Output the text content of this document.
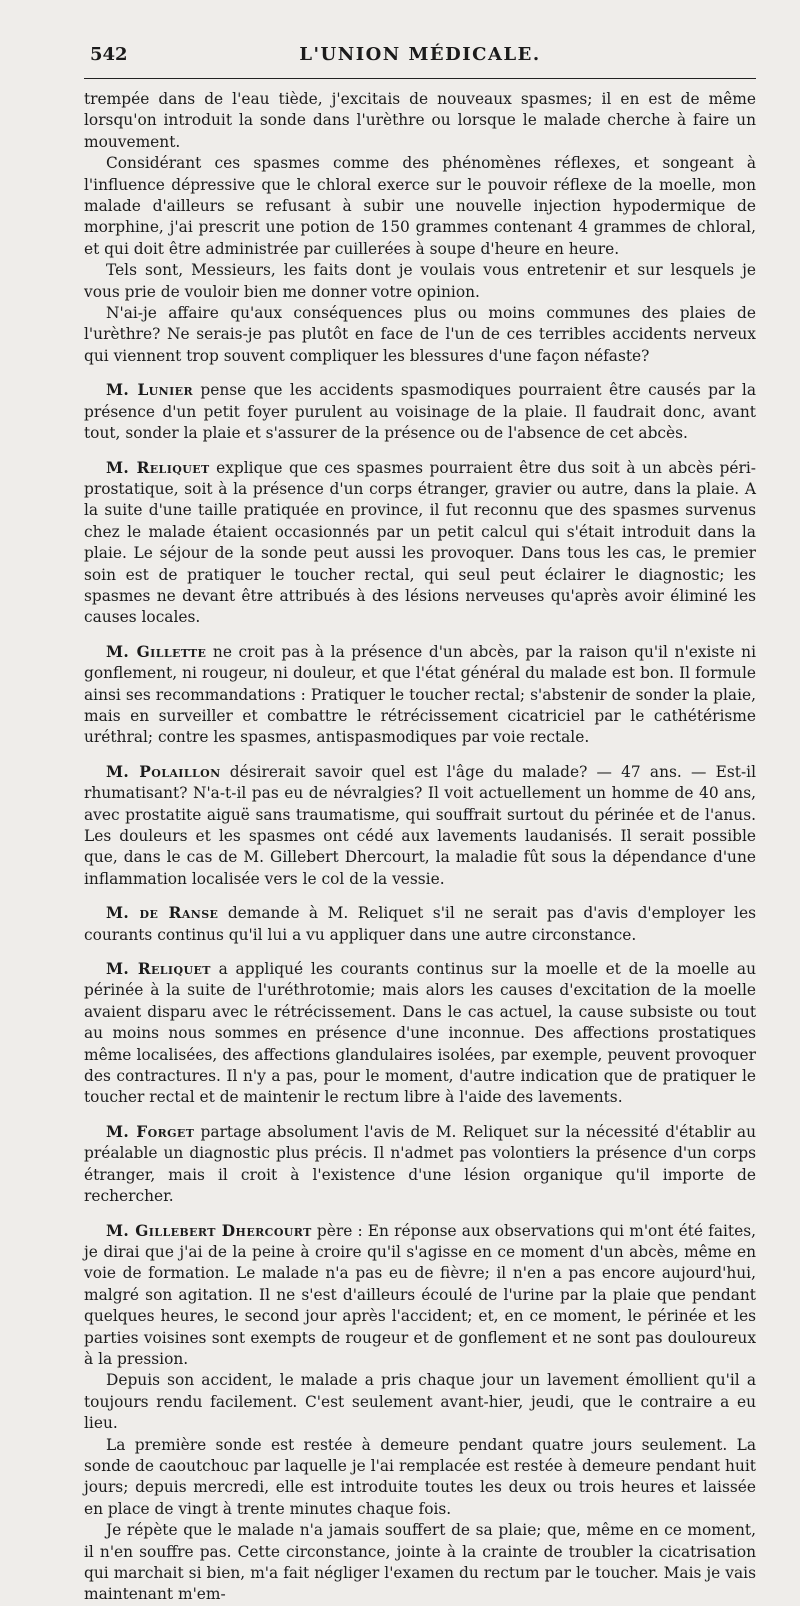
542	L'UNION MÉDICALE.

trempée dans de l'eau tiède, j'excitais de nouveaux spasmes; il en est de même lorsqu'on introduit la sonde dans l'urèthre ou lorsque le malade cherche à faire un mouvement.

Considérant ces spasmes comme des phénomènes réflexes, et songeant à l'influence dépressive que le chloral exerce sur le pouvoir réflexe de la moelle, mon malade d'ailleurs se refusant à subir une nouvelle injection hypodermique de morphine, j'ai prescrit une potion de 150 grammes contenant 4 grammes de chloral, et qui doit être administrée par cuillerées à soupe d'heure en heure.

Tels sont, Messieurs, les faits dont je voulais vous entretenir et sur lesquels je vous prie de vouloir bien me donner votre opinion.

N'ai-je affaire qu'aux conséquences plus ou moins communes des plaies de l'urèthre? Ne serais-je pas plutôt en face de l'un de ces terribles accidents nerveux qui viennent trop souvent compliquer les blessures d'une façon néfaste?

M. Lunier pense que les accidents spasmodiques pourraient être causés par la présence d'un petit foyer purulent au voisinage de la plaie. Il faudrait donc, avant tout, sonder la plaie et s'assurer de la présence ou de l'absence de cet abcès.

M. Reliquet explique que ces spasmes pourraient être dus soit à un abcès péri-prostatique, soit à la présence d'un corps étranger, gravier ou autre, dans la plaie. A la suite d'une taille pratiquée en province, il fut reconnu que des spasmes survenus chez le malade étaient occasionnés par un petit calcul qui s'était introduit dans la plaie. Le séjour de la sonde peut aussi les provoquer. Dans tous les cas, le premier soin est de pratiquer le toucher rectal, qui seul peut éclairer le diagnostic; les spasmes ne devant être attribués à des lésions nerveuses qu'après avoir éliminé les causes locales.

M. Gillette ne croit pas à la présence d'un abcès, par la raison qu'il n'existe ni gonflement, ni rougeur, ni douleur, et que l'état général du malade est bon. Il formule ainsi ses recommandations : Pratiquer le toucher rectal; s'abstenir de sonder la plaie, mais en surveiller et combattre le rétrécissement cicatriciel par le cathétérisme uréthral; contre les spasmes, antispasmodiques par voie rectale.

M. Polaillon désirerait savoir quel est l'âge du malade? — 47 ans. — Est-il rhumatisant? N'a-t-il pas eu de névralgies? Il voit actuellement un homme de 40 ans, avec prostatite aiguë sans traumatisme, qui souffrait surtout du périnée et de l'anus. Les douleurs et les spasmes ont cédé aux lavements laudanisés. Il serait possible que, dans le cas de M. Gillebert Dhercourt, la maladie fût sous la dépendance d'une inflammation localisée vers le col de la vessie.

M. de Ranse demande à M. Reliquet s'il ne serait pas d'avis d'employer les courants continus qu'il lui a vu appliquer dans une autre circonstance.

M. Reliquet a appliqué les courants continus sur la moelle et de la moelle au périnée à la suite de l'uréthrotomie; mais alors les causes d'excitation de la moelle avaient disparu avec le rétrécissement. Dans le cas actuel, la cause subsiste ou tout au moins nous sommes en présence d'une inconnue. Des affections prostatiques même localisées, des affections glandulaires isolées, par exemple, peuvent provoquer des contractures. Il n'y a pas, pour le moment, d'autre indication que de pratiquer le toucher rectal et de maintenir le rectum libre à l'aide des lavements.

M. Forget partage absolument l'avis de M. Reliquet sur la nécessité d'établir au préalable un diagnostic plus précis. Il n'admet pas volontiers la présence d'un corps étranger, mais il croit à l'existence d'une lésion organique qu'il importe de rechercher.

M. Gillebert Dhercourt père : En réponse aux observations qui m'ont été faites, je dirai que j'ai de la peine à croire qu'il s'agisse en ce moment d'un abcès, même en voie de formation. Le malade n'a pas eu de fièvre; il n'en a pas encore aujourd'hui, malgré son agitation. Il ne s'est d'ailleurs écoulé de l'urine par la plaie que pendant quelques heures, le second jour après l'accident; et, en ce moment, le périnée et les parties voisines sont exempts de rougeur et de gonflement et ne sont pas douloureux à la pression.

Depuis son accident, le malade a pris chaque jour un lavement émollient qu'il a toujours rendu facilement. C'est seulement avant-hier, jeudi, que le contraire a eu lieu.

La première sonde est restée à demeure pendant quatre jours seulement. La sonde de caoutchouc par laquelle je l'ai remplacée est restée à demeure pendant huit jours; depuis mercredi, elle est introduite toutes les deux ou trois heures et laissée en place de vingt à trente minutes chaque fois.

Je répète que le malade n'a jamais souffert de sa plaie; que, même en ce moment, il n'en souffre pas. Cette circonstance, jointe à la crainte de troubler la cicatrisation qui marchait si bien, m'a fait négliger l'examen du rectum par le toucher. Mais je vais maintenant m'em-
